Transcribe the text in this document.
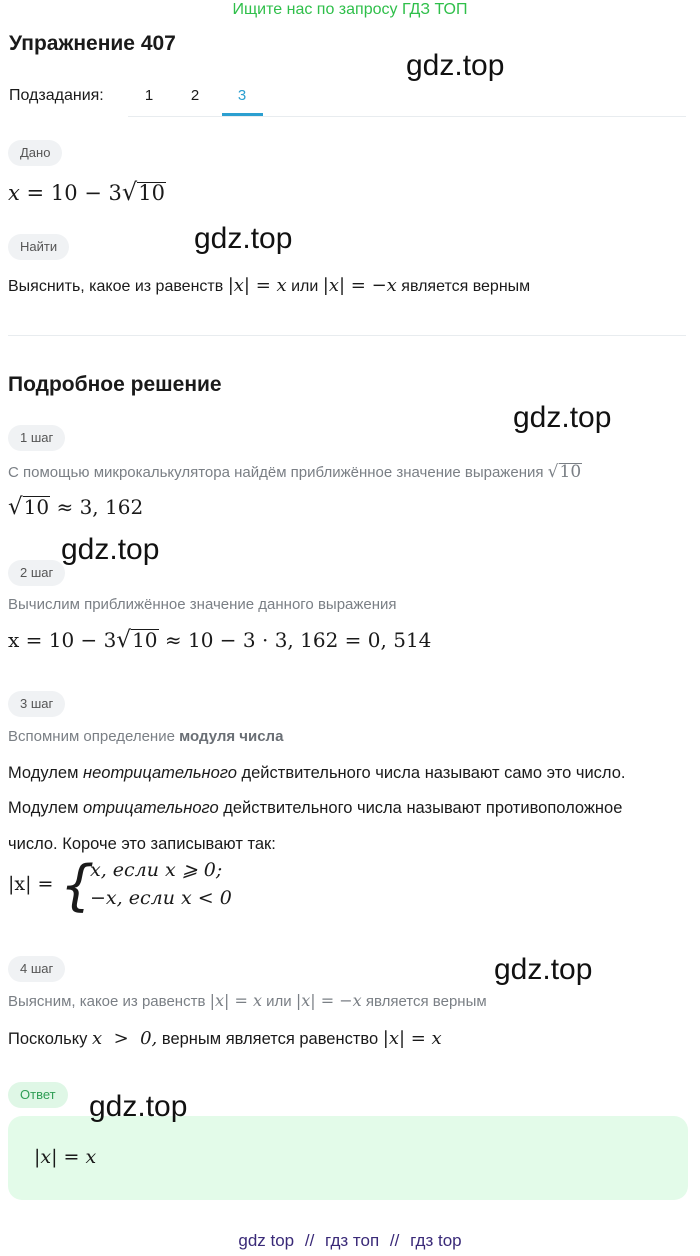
Ищите нас по запросу ГДЗ ТОП
Упражнение 407
Подзадания:	1	2	3
Дано
x = 10 − 3√10
Найти
Выяснить, какое из равенств |x| = x или |x| = −x является верным
Подробное решение
1 шаг
С помощью микрокалькулятора найдём приближённое значение выражения √10
√10 ≈ 3, 162
2 шаг
Вычислим приближённое значение данного выражения
x = 10 − 3√10 ≈ 10 − 3 · 3, 162 = 0, 514
3 шаг
Вспомним определение модуля числа
Модулем неотрицательного действительного числа называют само это число.
Модулем отрицательного действительного числа называют противоположное
число. Короче это записывают так:
|x| = {
x, если x ⩾ 0;
−x, если x < 0
4 шаг
Выясним, какое из равенств |x| = x или |x| = −x является верным
Поскольку x  >  0, верным является равенство |x| = x
Ответ
|x| = x
gdz.top
gdz.top
gdz.top
gdz.top
gdz.top
gdz.top
gdz top // гдз топ // гдз top
